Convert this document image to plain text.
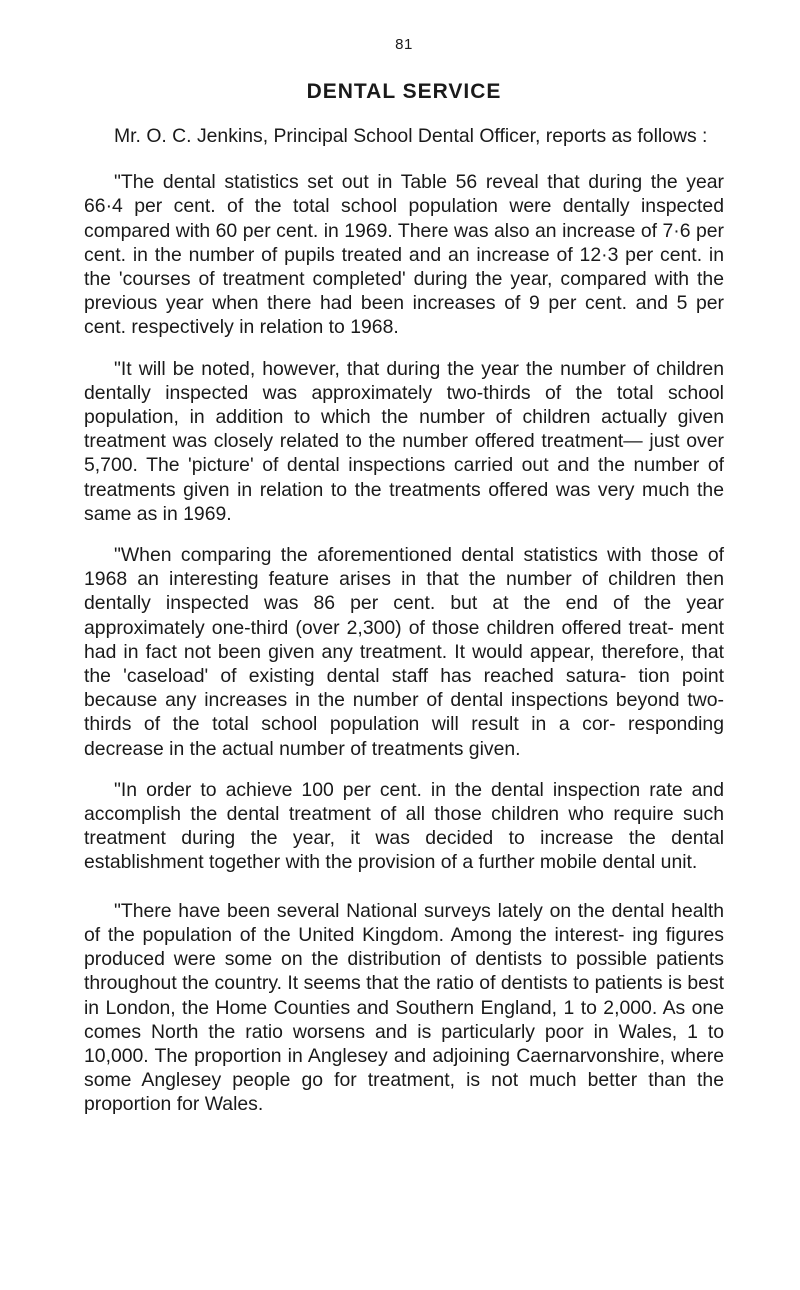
81
DENTAL SERVICE

Mr. O. C. Jenkins, Principal School Dental Officer, reports as follows :

"The dental statistics set out in Table 56 reveal that during the year 66·4 per cent. of the total school population were dentally inspected compared with 60 per cent. in 1969. There was also an increase of 7·6 per cent. in the number of pupils treated and an increase of 12·3 per cent. in the 'courses of treatment completed' during the year, compared with the previous year when there had been increases of 9 per cent. and 5 per cent. respectively in relation to 1968.

"It will be noted, however, that during the year the number of children dentally inspected was approximately two-thirds of the total school population, in addition to which the number of children actually given treatment was closely related to the number offered treatment— just over 5,700. The 'picture' of dental inspections carried out and the number of treatments given in relation to the treatments offered was very much the same as in 1969.

"When comparing the aforementioned dental statistics with those of 1968 an interesting feature arises in that the number of children then dentally inspected was 86 per cent. but at the end of the year approximately one-third (over 2,300) of those children offered treat- ment had in fact not been given any treatment. It would appear, therefore, that the 'caseload' of existing dental staff has reached satura- tion point because any increases in the number of dental inspections beyond two-thirds of the total school population will result in a cor- responding decrease in the actual number of treatments given.

"In order to achieve 100 per cent. in the dental inspection rate and accomplish the dental treatment of all those children who require such treatment during the year, it was decided to increase the dental establishment together with the provision of a further mobile dental unit.

"There have been several National surveys lately on the dental health of the population of the United Kingdom. Among the interest- ing figures produced were some on the distribution of dentists to possible patients throughout the country. It seems that the ratio of dentists to patients is best in London, the Home Counties and Southern England, 1 to 2,000. As one comes North the ratio worsens and is particularly poor in Wales, 1 to 10,000. The proportion in Anglesey and adjoining Caernarvonshire, where some Anglesey people go for treatment, is not much better than the proportion for Wales.
